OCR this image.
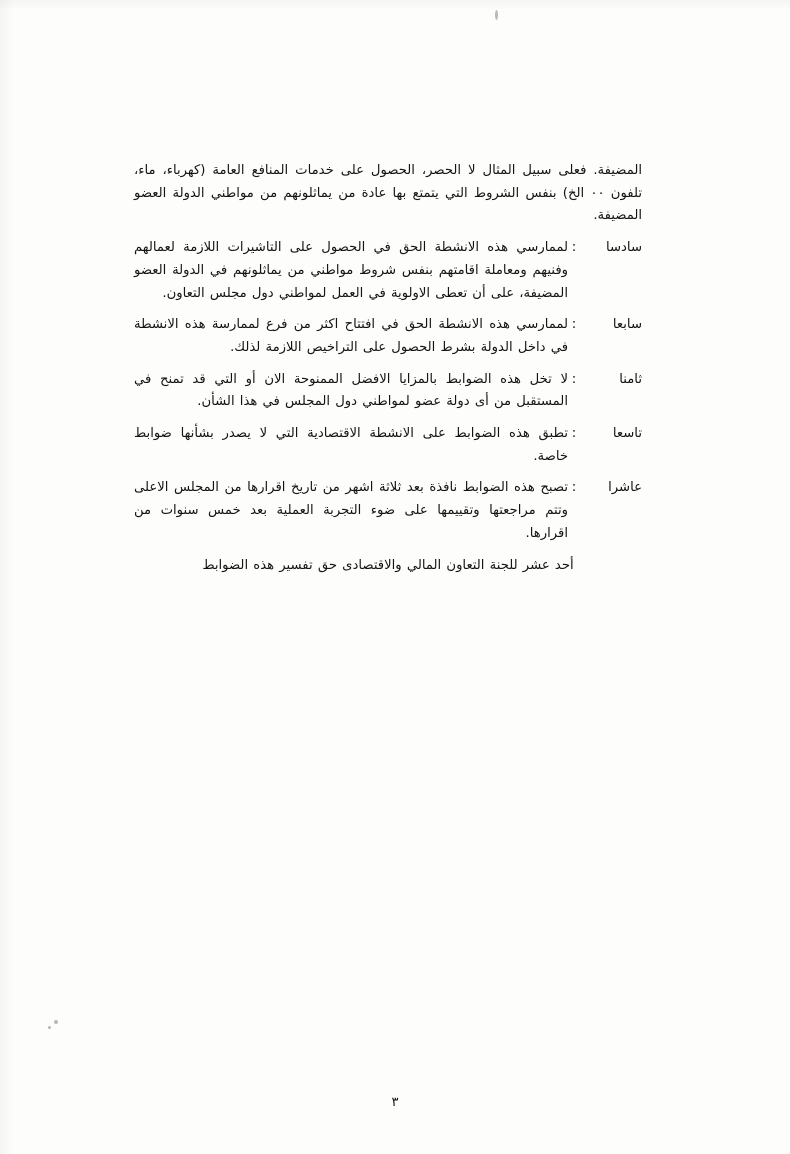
المضيفة. فعلى سبيل المثال لا الحصر، الحصول على خدمات المنافع العامة (كهرباء، ماء، تلفون ٠٠ الخ) بنفس الشروط التي يتمتع بها عادة من يماثلونهم من مواطني الدولة العضو المضيفة.
سادسا
:
لممارسي هذه الانشطة الحق في الحصول على التاشيرات اللازمة لعمالهم وفنيهم ومعاملة اقامتهم بنفس شروط مواطني من يماثلونهم في الدولة العضو المضيفة، على أن تعطى الاولوية في العمل لمواطني دول مجلس التعاون.
سابعا
:
لممارسي هذه الانشطة الحق في افتتاح اكثر من فرع لممارسة هذه الانشطة في داخل الدولة بشرط الحصول على التراخيص اللازمة لذلك.
ثامنا
:
لا تخل هذه الضوابط بالمزايا الافضل الممنوحة الان أو التي قد تمنح في المستقبل من أى دولة عضو لمواطني دول المجلس في هذا الشأن.
تاسعا
:
تطبق هذه الضوابط على الانشطة الاقتصادية التي لا يصدر بشأنها ضوابط خاصة.
عاشرا
:
تصبح هذه الضوابط نافذة بعد ثلاثة اشهر من تاريخ اقرارها من المجلس الاعلى وتتم مراجعتها وتقييمها على ضوء التجربة العملية بعد خمس سنوات من اقرارها.
أحد عشر للجنة التعاون المالي والاقتصادى حق تفسير هذه الضوابط
٣
